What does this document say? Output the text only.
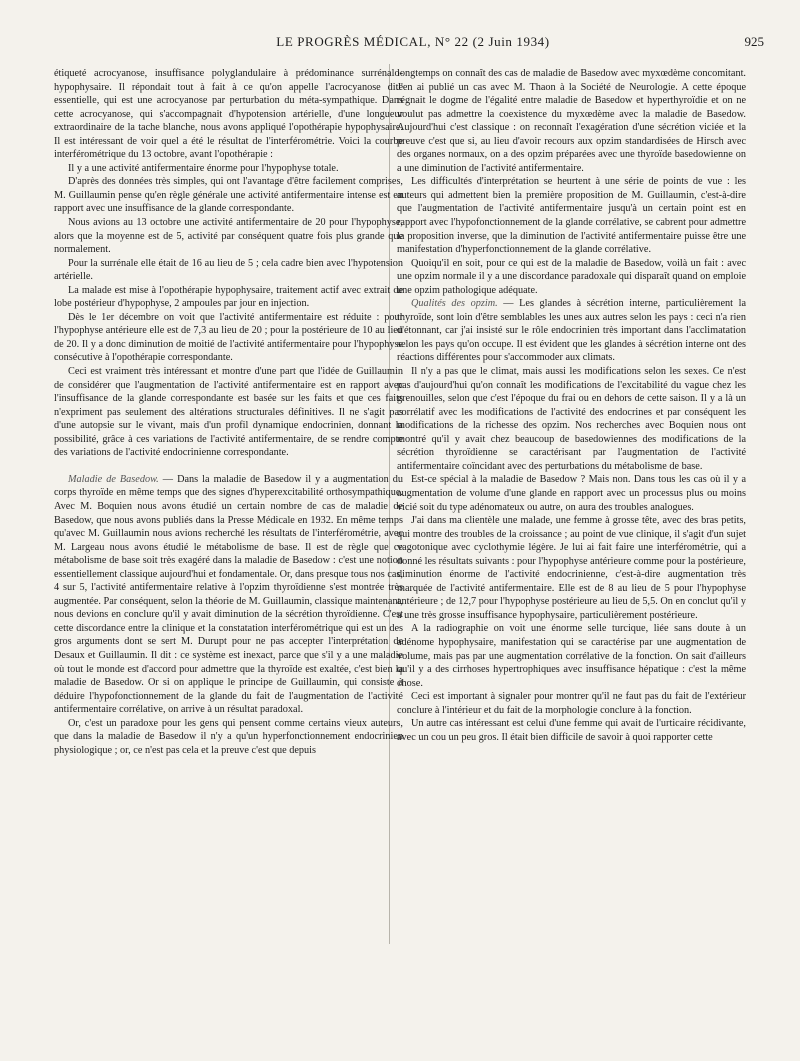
LE PROGRÈS MÉDICAL, N° 22 (2 Juin 1934)	925

étiqueté acrocyanose, insuffisance polyglandulaire à prédominance surrénalo-hypophysaire. Il répondait tout à fait à ce qu'on appelle l'acrocyanose dite essentielle, qui est une acrocyanose par perturbation du méta-sympathique. Dans cette acrocyanose, qui s'accompagnait d'hypotension artérielle, d'une longueur extraordinaire de la tache blanche, nous avons appliqué l'opothérapie hypophysaire. Il est intéressant de voir quel a été le résultat de l'interférométrie. Voici la courbe interférométrique du 13 octobre, avant l'opothérapie :

Il y a une activité antifermentaire énorme pour l'hypophyse totale.

D'après des données très simples, qui ont l'avantage d'être facilement comprises, M. Guillaumin pense qu'en règle générale une activité antifermentaire intense est en rapport avec une insuffisance de la glande correspondante.

Nous avions au 13 octobre une activité antifermentaire de 20 pour l'hypophyse, alors que la moyenne est de 5, activité par conséquent quatre fois plus grande que normalement.

Pour la surrénale elle était de 16 au lieu de 5 ; cela cadre bien avec l'hypotension artérielle.

La malade est mise à l'opothérapie hypophysaire, traitement actif avec extrait de lobe postérieur d'hypophyse, 2 ampoules par jour en injection.

Dès le 1er décembre on voit que l'activité antifermentaire est réduite : pour l'hypophyse antérieure elle est de 7,3 au lieu de 20 ; pour la postérieure de 10 au lieu de 20. Il y a donc diminution de moitié de l'activité antifermentaire pour l'hypophyse consécutive à l'opothérapie correspondante.

Ceci est vraiment très intéressant et montre d'une part que l'idée de Guillaumin de considérer que l'augmentation de l'activité antifermentaire est en rapport avec l'insuffisance de la glande correspondante est basée sur les faits et que ces faits n'expriment pas seulement des altérations structurales définitives. Il ne s'agit pas d'une autopsie sur le vivant, mais d'un profil dynamique endocrinien, donnant la possibilité, grâce à ces variations de l'activité antifermentaire, de se rendre compte des variations de l'activité endocrinienne correspondante.

Maladie de Basedow. — Dans la maladie de Basedow il y a augmentation du corps thyroïde en même temps que des signes d'hyperexcitabilité orthosympathique. Avec M. Boquien nous avons étudié un certain nombre de cas de maladie de Basedow, que nous avons publiés dans la Presse Médicale en 1932. En même temps qu'avec M. Guillaumin nous avions recherché les résultats de l'interférométrie, avec M. Largeau nous avons étudié le métabolisme de base. Il est de règle que ce métabolisme de base soit très exagéré dans la maladie de Basedow : c'est une notion essentiellement classique aujourd'hui et fondamentale. Or, dans presque tous nos cas, 4 sur 5, l'activité antifermentaire relative à l'opzim thyroïdienne s'est montrée très augmentée. Par conséquent, selon la théorie de M. Guillaumin, classique maintenant, nous devions en conclure qu'il y avait diminution de la sécrétion thyroïdienne. C'est cette discordance entre la clinique et la constatation interférométrique qui est un des gros arguments dont se sert M. Durupt pour ne pas accepter l'interprétation de Desaux et Guillaumin. Il dit : ce système est inexact, parce que s'il y a une maladie où tout le monde est d'accord pour admettre que la thyroïde est exaltée, c'est bien la maladie de Basedow. Or si on applique le principe de Guillaumin, qui consiste à déduire l'hypofonctionnement de la glande du fait de l'augmentation de l'activité antifermentaire corrélative, on arrive à un résultat paradoxal.

Or, c'est un paradoxe pour les gens qui pensent comme certains vieux auteurs, que dans la maladie de Basedow il n'y a qu'un hyperfonctionnement endocrinien physiologique ; or, ce n'est pas cela et la preuve c'est que depuis

longtemps on connaît des cas de maladie de Basedow avec myxœdème concomitant. J'en ai publié un cas avec M. Thaon à la Société de Neurologie. A cette époque régnait le dogme de l'égalité entre maladie de Basedow et hyperthyroïdie et on ne voulut pas admettre la coexistence du myxœdème avec la maladie de Basedow. Aujourd'hui c'est classique : on reconnaît l'exagération d'une sécrétion viciée et la preuve c'est que si, au lieu d'avoir recours aux opzim standardisées de Hirsch avec des organes normaux, on a des opzim préparées avec une thyroïde basedowienne on a une diminution de l'activité antifermentaire.

Les difficultés d'interprétation se heurtent à une série de points de vue : les auteurs qui admettent bien la première proposition de M. Guillaumin, c'est-à-dire que l'augmentation de l'activité antifermentaire jusqu'à un certain point est en rapport avec l'hypofonctionnement de la glande corrélative, se cabrent pour admettre la proposition inverse, que la diminution de l'activité antifermentaire puisse être une manifestation d'hyperfonctionnement de la glande corrélative.

Quoiqu'il en soit, pour ce qui est de la maladie de Basedow, voilà un fait : avec une opzim normale il y a une discordance paradoxale qui disparaît quand on emploie une opzim pathologique adéquate.

Qualités des opzim. — Les glandes à sécrétion interne, particulièrement la thyroïde, sont loin d'être semblables les unes aux autres selon les pays : ceci n'a rien d'étonnant, car j'ai insisté sur le rôle endocrinien très important dans l'acclimatation selon les pays qu'on occupe. Il est évident que les glandes à sécrétion interne ont des réactions différentes pour s'accommoder aux climats.

Il n'y a pas que le climat, mais aussi les modifications selon les sexes. Ce n'est pas d'aujourd'hui qu'on connaît les modifications de l'excitabilité du vague chez les grenouilles, selon que c'est l'époque du frai ou en dehors de cette saison. Il y a là un corrélatif avec les modifications de l'activité des endocrines et par conséquent les modifications de la richesse des opzim. Nos recherches avec Boquien nous ont montré qu'il y avait chez beaucoup de basedowiennes des modifications de la sécrétion thyroïdienne se caractérisant par l'augmentation de l'activité antifermentaire coïncidant avec des perturbations du métabolisme de base.

Est-ce spécial à la maladie de Basedow ? Mais non. Dans tous les cas où il y a augmentation de volume d'une glande en rapport avec un processus plus ou moins vicié soit du type adénomateux ou autre, on aura des troubles analogues.

J'ai dans ma clientèle une malade, une femme à grosse tête, avec des bras petits, qui montre des troubles de la croissance ; au point de vue clinique, il s'agit d'un sujet vagotonique avec cyclothymie légère. Je lui ai fait faire une interférométrie, qui a donné les résultats suivants : pour l'hypophyse antérieure comme pour la postérieure, diminution énorme de l'activité endocrinienne, c'est-à-dire augmentation très marquée de l'activité antifermentaire. Elle est de 8 au lieu de 5 pour l'hypophyse antérieure ; de 12,7 pour l'hypophyse postérieure au lieu de 5,5. On en conclut qu'il y a une très grosse insuffisance hypophysaire, particulièrement postérieure.

A la radiographie on voit une énorme selle turcique, liée sans doute à un adénome hypophysaire, manifestation qui se caractérise par une augmentation de volume, mais pas par une augmentation corrélative de la fonction. On sait d'ailleurs qu'il y a des cirrhoses hypertrophiques avec insuffisance hépatique : c'est la même chose.

Ceci est important à signaler pour montrer qu'il ne faut pas du fait de l'extérieur conclure à l'intérieur et du fait de la morphologie conclure à la fonction.

Un autre cas intéressant est celui d'une femme qui avait de l'urticaire récidivante, avec un cou un peu gros. Il était bien difficile de savoir à quoi rapporter cette
